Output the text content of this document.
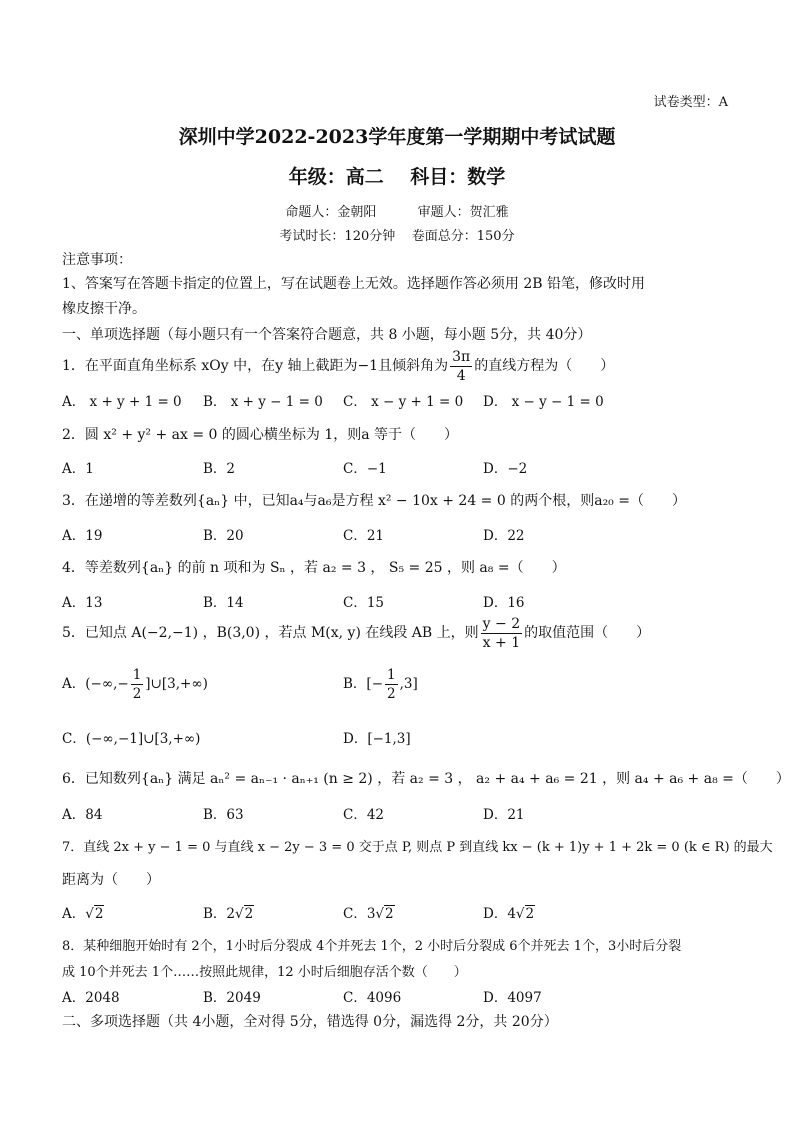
试卷类型：A
深圳中学2022-2023学年度第一学期期中考试试题
年级：高二    科目：数学
命题人：金朝阳          审题人：贺汇雅
考试时长：120分钟    卷面总分：150分
注意事项：
1、答案写在答题卡指定的位置上，写在试题卷上无效。选择题作答必须用 2B 铅笔，修改时用
橡皮擦干净。
一、单项选择题（每小题只有一个答案符合题意，共 8 小题，每小题 5分，共 40分）
1．在平面直角坐标系 xOy 中，在y 轴上截距为−1且倾斜角为 $\frac{3\pi}{4}$ 的直线方程为（　　）
A． x + y + 1 = 0 B． x + y − 1 = 0 C． x − y + 1 = 0 D． x − y − 1 = 0
2．圆 x² + y² + ax = 0 的圆心横坐标为 1，则a 等于（　　）
A．1	B．2	C．−1	D．−2
3．在递增的等差数列{aₙ} 中，已知a₄与a₆是方程 x² − 10x + 24 = 0 的两个根，则a₂₀ =（　　）
A．19	B．20	C．21	D．22
4．等差数列{aₙ} 的前 n 项和为 Sₙ ，若 a₂ = 3 ， S₅ = 25 ，则 a₈ =（　　）
A．13	B．14	C．15	D．16
5．已知点 A(−2,−1) ，B(3,0) ，若点 M(x, y) 在线段 AB 上，则 $\frac{y - 2}{x + 1}$ 的取值范围（　　）
A．(−∞,− $\frac{1}{2}$ ]∪[3,+∞)	B．[− $\frac{1}{2} ,3$]
C．(−∞,−1]∪[3,+∞)	D．[−1,3]
6．已知数列{aₙ} 满足 aₙ² = aₙ₋₁ · aₙ₊₁ (n ≥ 2) ，若 a₂ = 3 ， a₂ + a₄ + a₆ = 21 ，则 a₄ + a₆ + a₈ =（　　）
A．84	B．63	C．42	D．21
7．直线 2x + y − 1 = 0 与直线 x − 2y − 3 = 0 交于点 P, 则点 P 到直线 kx − (k + 1)y + 1 + 2k = 0 (k ∈ R) 的最大
距离为（　　）
A．√2	B．2√2	C．3√2	D．4√2
8．某种细胞开始时有 2个，1小时后分裂成 4个并死去 1个，2 小时后分裂成 6个并死去 1个，3小时后分裂
成 10个并死去 1个……按照此规律，12 小时后细胞存活个数（　　）
A．2048	B．2049	C．4096	D．4097
二、多项选择题（共 4小题，全对得 5分，错选得 0分，漏选得 2分，共 20分）
